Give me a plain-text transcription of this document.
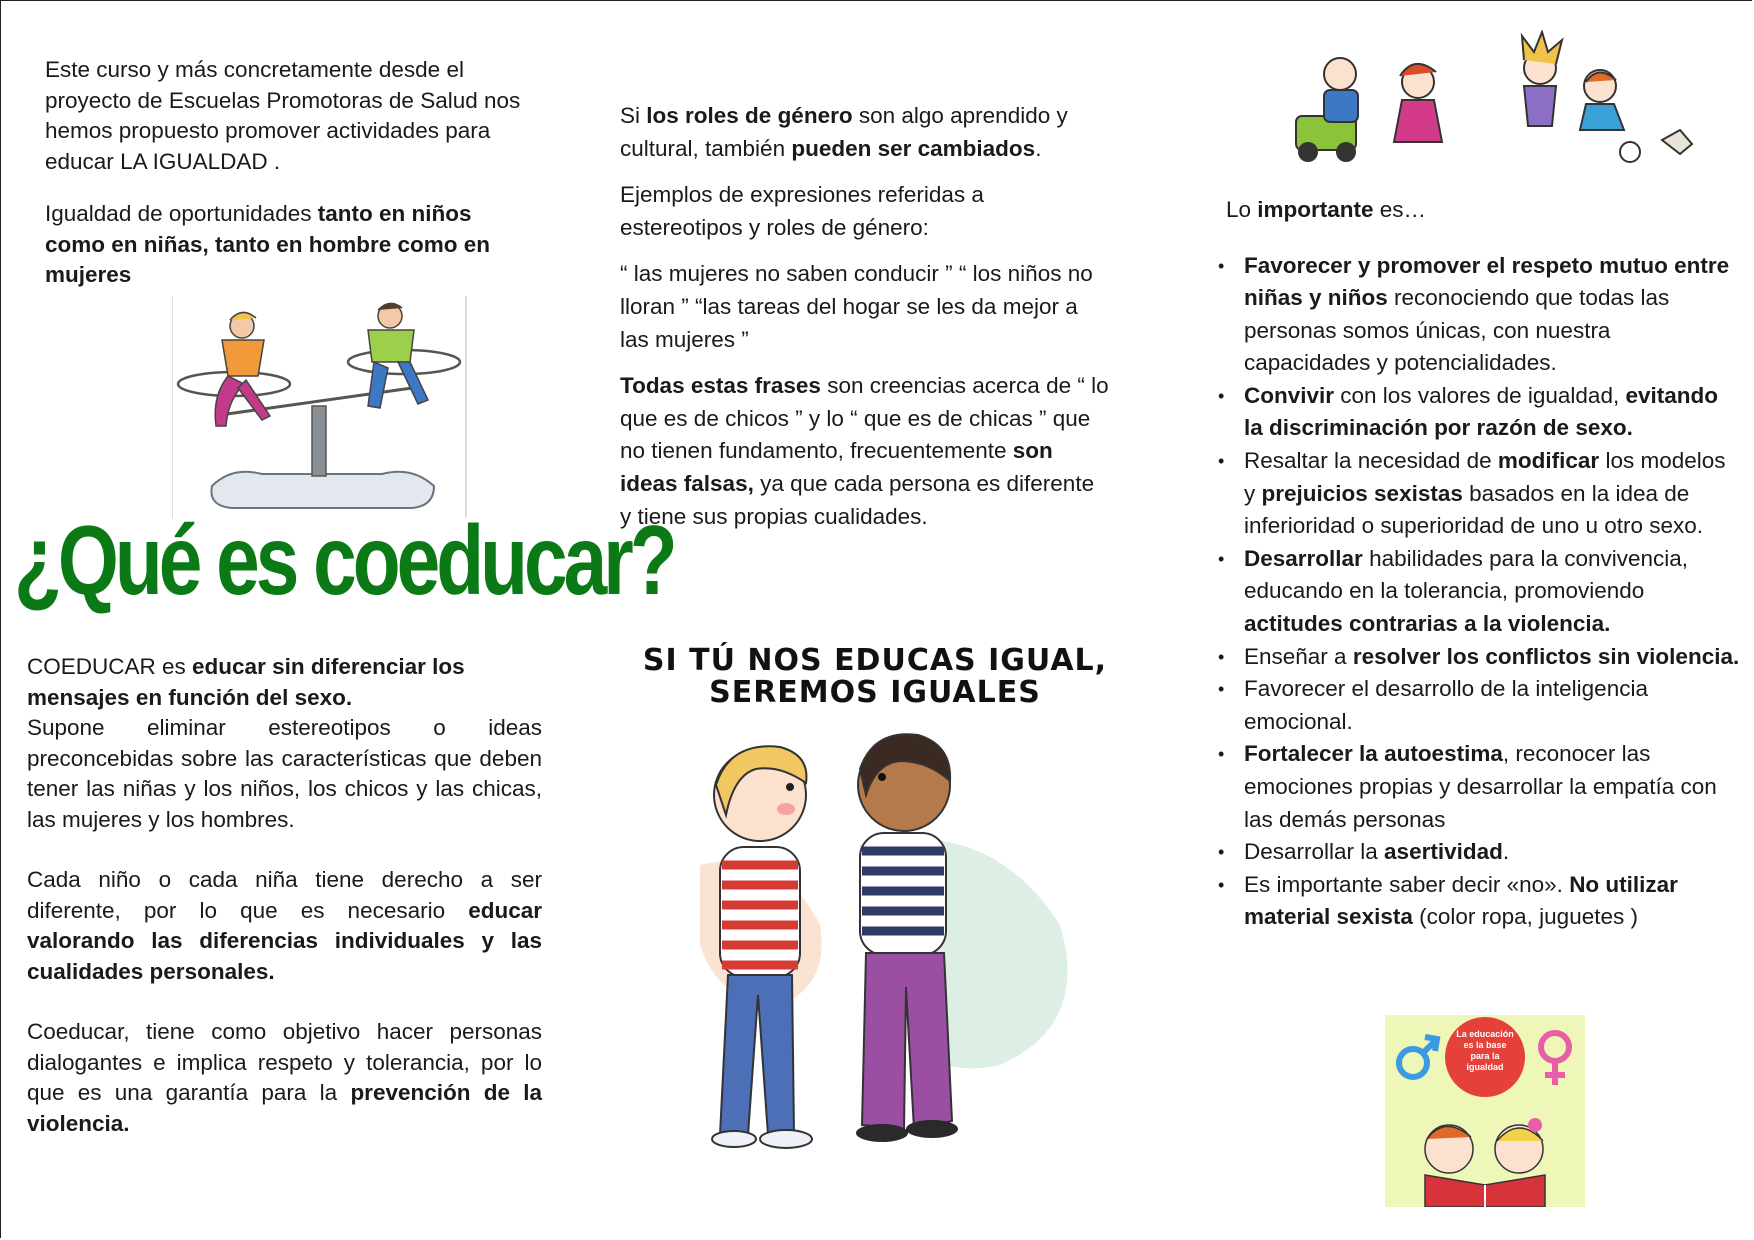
Este curso y más concretamente desde el proyecto de Escuelas Promotoras de Salud nos hemos propuesto promover actividades para educar LA IGUALDAD .

Igualdad de oportunidades tanto en niños como en niñas, tanto en hombre como en mujeres

¿Qué es coeducar?

COEDUCAR es educar sin diferenciar los mensajes en función del sexo.

Supone eliminar estereotipos o ideas preconcebidas sobre las características que deben tener las niñas y los niños, los chicos y las chicas, las mujeres y los hombres.

Cada niño o cada niña tiene derecho a ser diferente, por lo que es necesario educar valorando las diferencias individuales y las cualidades personales.

Coeducar, tiene como objetivo hacer personas dialogantes e implica respeto y tolerancia, por lo que es una garantía para la prevención de la violencia.

Si los roles de género son algo aprendido y cultural, también pueden ser cambiados.

Ejemplos de expresiones referidas a estereotipos y roles de género:

“ las mujeres no saben conducir ” “ los niños no lloran ” “las tareas del hogar se les da mejor a las mujeres ”

Todas estas frases son creencias acerca de “ lo que es de chicos ” y lo “ que es de chicas ” que no tienen fundamento, frecuentemente son ideas falsas, ya que cada persona es diferente y tiene sus propias cualidades.

SI TÚ NOS EDUCAS IGUAL,
SEREMOS IGUALES

Lo importante es…

• Favorecer y promover el respeto mutuo entre niñas y niños reconociendo que todas las personas somos únicas, con nuestra capacidades y potencialidades.
• Convivir con los valores de igualdad, evitando la discriminación por razón de sexo.
• Resaltar la necesidad de modificar los modelos y prejuicios sexistas basados en la idea de inferioridad o superioridad de uno u otro sexo.
• Desarrollar habilidades para la convivencia, educando en la tolerancia, promoviendo actitudes contrarias a la violencia.
• Enseñar a resolver los conflictos sin violencia.
• Favorecer el desarrollo de la inteligencia emocional.
• Fortalecer la autoestima, reconocer las emociones propias y desarrollar la empatía con las demás personas
• Desarrollar la asertividad.
• Es importante saber decir «no». No utilizar material sexista (color ropa, juguetes )
La educación es la base para la igualdad
